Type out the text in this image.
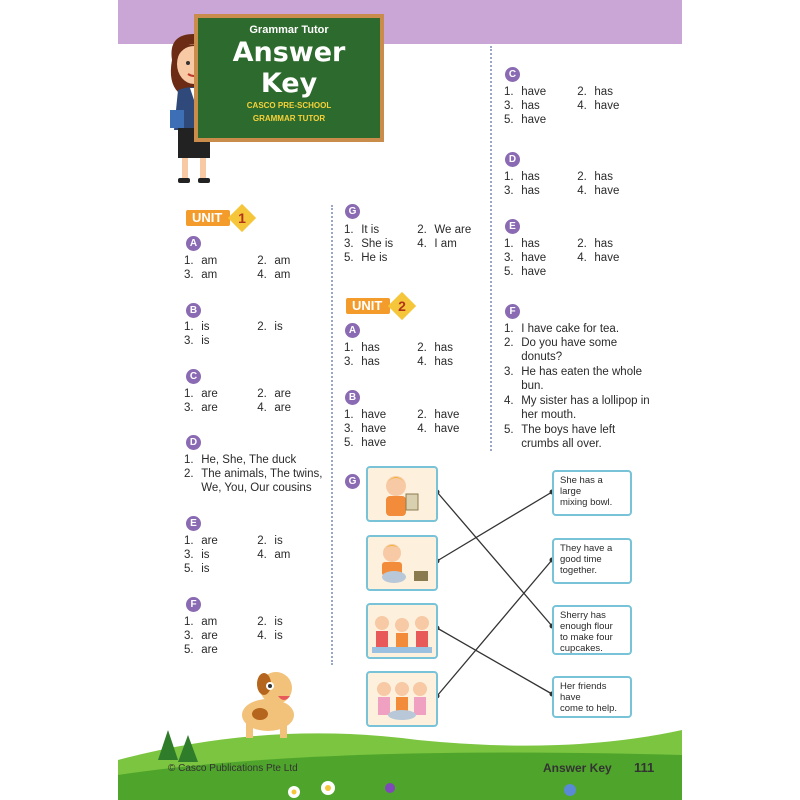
Grammar Tutor
Answer
Key
CASCO PRE-SCHOOL
GRAMMAR TUTOR
UNIT	1
A
1. am	2. am
3. am	4. am
B
1. is	2. is
3. is
C
1. are	2. are
3. are	4. are
D
1. He, She, The duck
2. The animals, The twins,
We, You, Our cousins
E
1. are	2. is
3. is	4. am
5. is
F
1. am	2. is
3. are	4. is
5. are
G
1. It is	2. We are
3. She is 4. I am
5. He is
UNIT	2
A
1. has	2. has
3. has	4. has
B
1. have	2. have
3. have	4. have
5. have
C
1. have	2. has
3. has	4. have
5. have
D
1. has	2. has
3. has	4. have
E
1. has	2. has
3. have	4. have
5. have
F
1. I have cake for tea.
2. Do you have some
donuts?
3. He has eaten the whole
bun.
4. My sister has a lollipop in
her mouth.
5. The boys have left
crumbs all over.
G	She has a large
mixing bowl.
They have a
good time
together.
Sherry has
enough flour
to make four
cupcakes.
Her friends have
come to help.
© Casco Publications Pte Ltd	Answer Key 111
